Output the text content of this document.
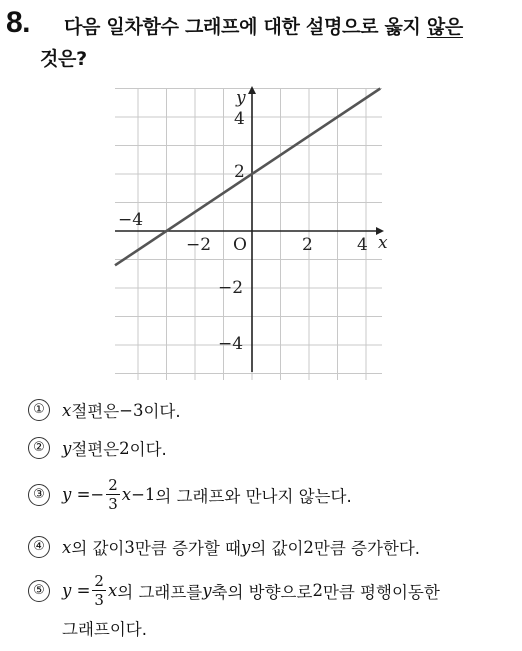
8. 다음 일차함수 그래프에 대한 설명으로 옳지 않은
것은?
x
y
O
−4
−2	2	4
4
2
−2
−4
①	x 절편은 −3 이다.
②	y 절편은 2 이다.
③	$y =- \frac{2}{3}$ x −1 의 그래프와 만나지 않는다.
④	x 의 값이 3 만큼 증가할 때 y 의 값이 2 만큼 증가한다.
⑤	$y = \frac{2}{3}$ x 의 그래프를 y 축의 방향으로 2 만큼 평행이동한
그래프이다.
